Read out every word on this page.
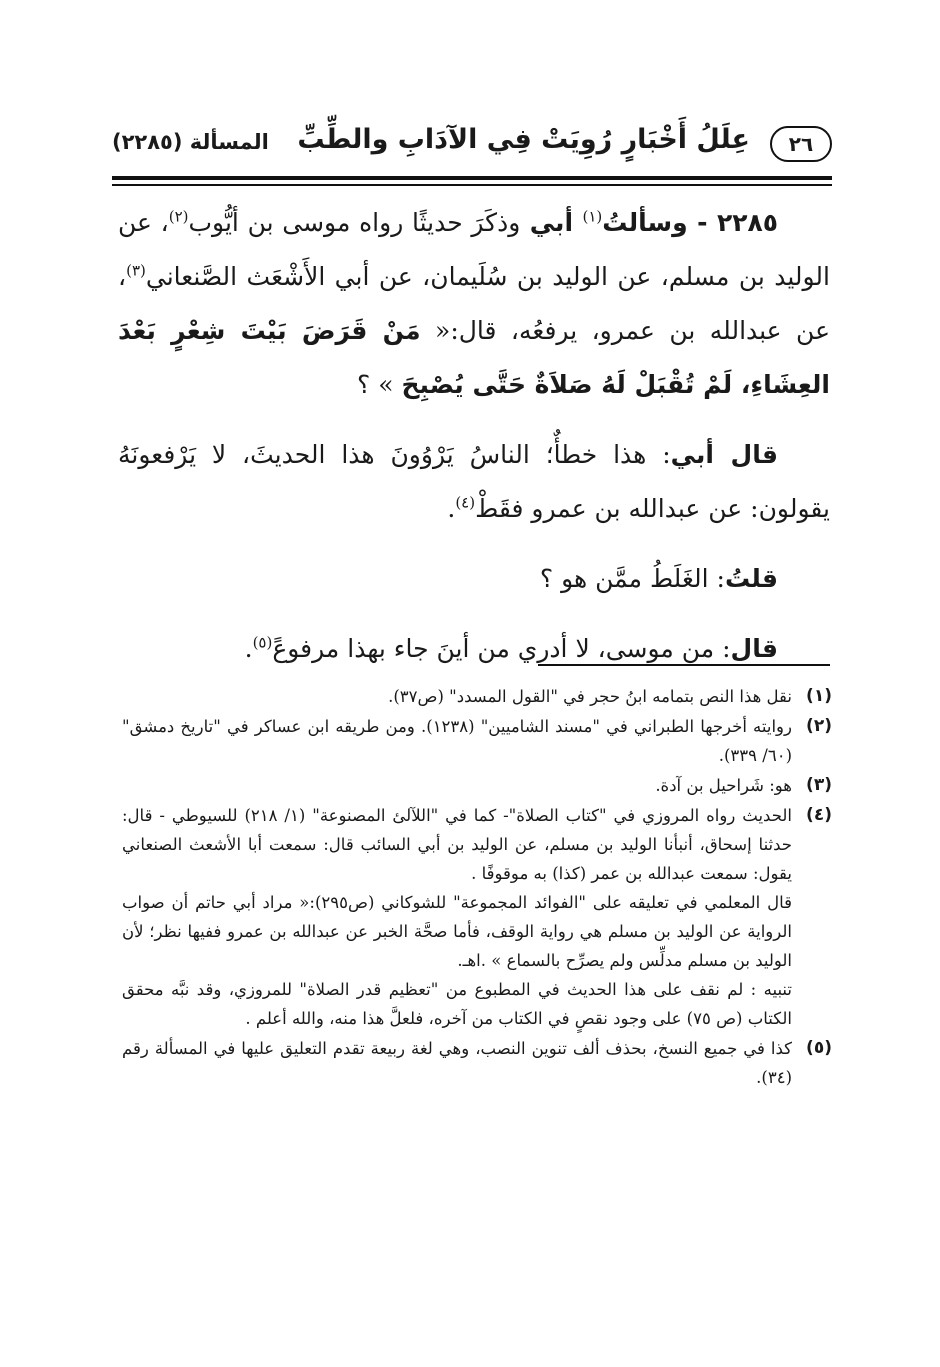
٢٦
عِلَلُ أَخْبَارٍ رُوِيَتْ فِي الآدَابِ والطِّبِّ
المسألة (٢٢٨٥)

٢٢٨٥ - وسألتُ$^{(١)}$ أبي وذكَرَ حديثًا رواه موسى بن أيُّوب$^{(٢)}$، عن الوليد بن مسلم، عن الوليد بن سُلَيمان، عن أبي الأَشْعَث الصَّنعاني$^{(٣)}$، عن عبدالله بن عمرو، يرفعُه، قال:« مَنْ قَرَضَ بَيْتَ شِعْرٍ بَعْدَ العِشَاءِ، لَمْ تُقْبَلْ لَهُ صَلاَةٌ حَتَّى يُصْبِحَ » ؟

قال أبي: هذا خطأٌ؛ الناسُ يَرْوُونَ هذا الحديثَ، لا يَرْفعونَهُ يقولون: عن عبدالله بن عمرو فقَطْ$^{(٤)}$.

قلتُ: الغَلَطُ ممَّن هو ؟

قال: من موسى، لا أدري من أينَ جاء بهذا مرفوعً$^{(٥)}$.

(١)

نقل هذا النص بتمامه ابنُ حجر في "القول المسدد" (ص٣٧).

(٢)

روايته أخرجها الطبراني في "مسند الشاميين" (١٢٣٨). ومن طريقه ابن عساكر في "تاريخ دمشق" (٦٠/ ٣٣٩).

(٣)

هو: شَراحيل بن آدة.

(٤)

الحديث رواه المروزي في "كتاب الصلاة"- كما في "اللآلئ المصنوعة" (١/ ٢١٨) للسيوطي - قال: حدثنا إسحاق، أنبأنا الوليد بن مسلم، عن الوليد بن أبي السائب قال: سمعت أبا الأشعث الصنعاني يقول: سمعت عبدالله بن عمر (كذا) به موقوفًا .

قال المعلمي في تعليقه على "الفوائد المجموعة" للشوكاني (ص٢٩٥):« مراد أبي حاتم أن صواب الرواية عن الوليد بن مسلم هي رواية الوقف، فأما صحَّة الخبر عن عبدالله بن عمرو ففيها نظر؛ لأن الوليد بن مسلم مدلِّس ولم يصرِّح بالسماع » .اهـ.

تنبيه : لم نقف على هذا الحديث في المطبوع من "تعظيم قدر الصلاة" للمروزي، وقد نبَّه محقق الكتاب (ص ٧٥) على وجود نقصٍ في الكتاب من آخره، فلعلَّ هذا منه، والله أعلم .

(٥)

كذا في جميع النسخ، بحذف ألف تنوين النصب، وهي لغة ربيعة تقدم التعليق عليها في المسألة رقم (٣٤).
